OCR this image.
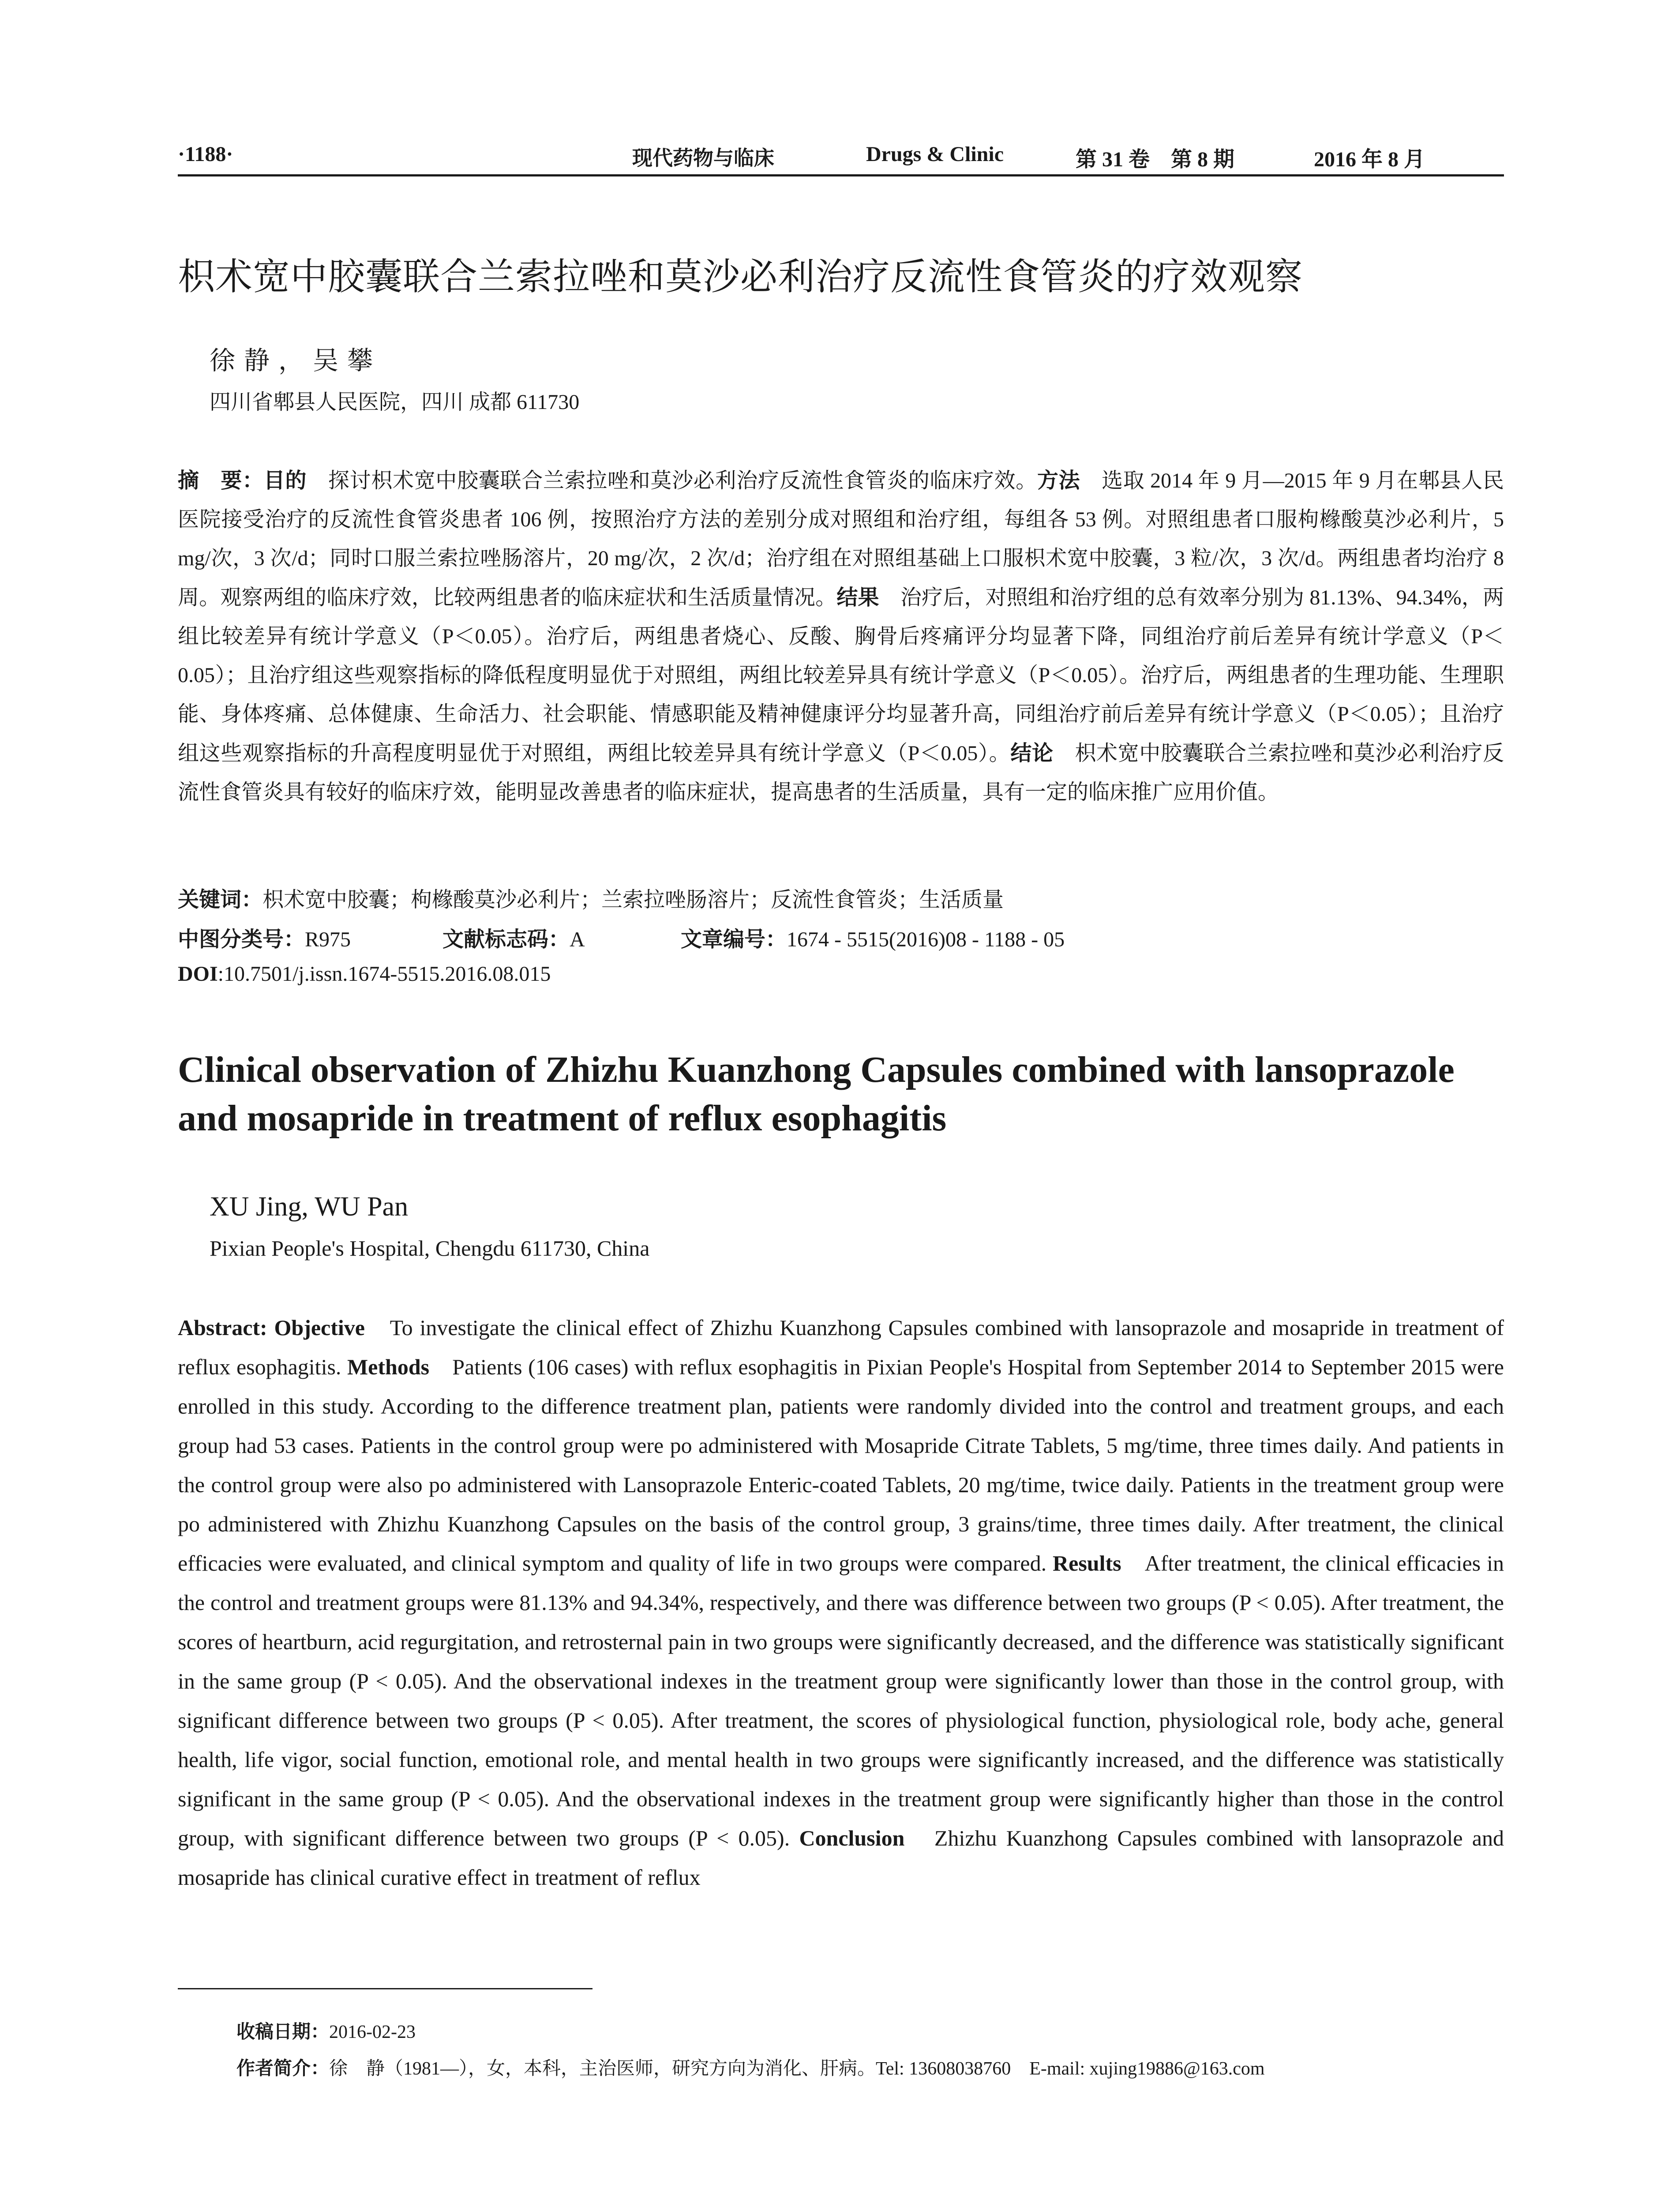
·1188·	现代药物与临床	Drugs & Clinic	第 31 卷　第 8 期	2016 年 8 月
枳术宽中胶囊联合兰索拉唑和莫沙必利治疗反流性食管炎的疗效观察
徐静，吴攀
四川省郫县人民医院，四川 成都 611730
摘　要：目的　探讨枳术宽中胶囊联合兰索拉唑和莫沙必利治疗反流性食管炎的临床疗效。方法　选取 2014 年 9 月—2015 年 9 月在郫县人民医院接受治疗的反流性食管炎患者 106 例，按照治疗方法的差别分成对照组和治疗组，每组各 53 例。对照组患者口服枸橼酸莫沙必利片，5 mg/次，3 次/d；同时口服兰索拉唑肠溶片，20 mg/次，2 次/d；治疗组在对照组基础上口服枳术宽中胶囊，3 粒/次，3 次/d。两组患者均治疗 8 周。观察两组的临床疗效，比较两组患者的临床症状和生活质量情况。结果　治疗后，对照组和治疗组的总有效率分别为 81.13%、94.34%，两组比较差异有统计学意义（P＜0.05）。治疗后，两组患者烧心、反酸、胸骨后疼痛评分均显著下降，同组治疗前后差异有统计学意义（P＜0.05）；且治疗组这些观察指标的降低程度明显优于对照组，两组比较差异具有统计学意义（P＜0.05）。治疗后，两组患者的生理功能、生理职能、身体疼痛、总体健康、生命活力、社会职能、情感职能及精神健康评分均显著升高，同组治疗前后差异有统计学意义（P＜0.05）；且治疗组这些观察指标的升高程度明显优于对照组，两组比较差异具有统计学意义（P＜0.05）。结论　枳术宽中胶囊联合兰索拉唑和莫沙必利治疗反流性食管炎具有较好的临床疗效，能明显改善患者的临床症状，提高患者的生活质量，具有一定的临床推广应用价值。
关键词：枳术宽中胶囊；枸橼酸莫沙必利片；兰索拉唑肠溶片；反流性食管炎；生活质量
中图分类号：R975	文献标志码：A	文章编号：1674 - 5515(2016)08 - 1188 - 05
DOI:10.7501/j.issn.1674-5515.2016.08.015
Clinical observation of Zhizhu Kuanzhong Capsules combined with lansoprazole and mosapride in treatment of reflux esophagitis
XU Jing, WU Pan
Pixian People's Hospital, Chengdu 611730, China
Abstract: Objective　To investigate the clinical effect of Zhizhu Kuanzhong Capsules combined with lansoprazole and mosapride in treatment of reflux esophagitis. Methods　Patients (106 cases) with reflux esophagitis in Pixian People's Hospital from September 2014 to September 2015 were enrolled in this study. According to the difference treatment plan, patients were randomly divided into the control and treatment groups, and each group had 53 cases. Patients in the control group were po administered with Mosapride Citrate Tablets, 5 mg/time, three times daily. And patients in the control group were also po administered with Lansoprazole Enteric-coated Tablets, 20 mg/time, twice daily. Patients in the treatment group were po administered with Zhizhu Kuanzhong Capsules on the basis of the control group, 3 grains/time, three times daily. After treatment, the clinical efficacies were evaluated, and clinical symptom and quality of life in two groups were compared. Results　After treatment, the clinical efficacies in the control and treatment groups were 81.13% and 94.34%, respectively, and there was difference between two groups (P < 0.05). After treatment, the scores of heartburn, acid regurgitation, and retrosternal pain in two groups were significantly decreased, and the difference was statistically significant in the same group (P < 0.05). And the observational indexes in the treatment group were significantly lower than those in the control group, with significant difference between two groups (P < 0.05). After treatment, the scores of physiological function, physiological role, body ache, general health, life vigor, social function, emotional role, and mental health in two groups were significantly increased, and the difference was statistically significant in the same group (P < 0.05). And the observational indexes in the treatment group were significantly higher than those in the control group, with significant difference between two groups (P < 0.05). Conclusion　Zhizhu Kuanzhong Capsules combined with lansoprazole and mosapride has clinical curative effect in treatment of reflux
收稿日期：2016-02-23
作者简介：徐　静（1981—），女，本科，主治医师，研究方向为消化、肝病。Tel: 13608038760　E-mail: xujing19886@163.com
